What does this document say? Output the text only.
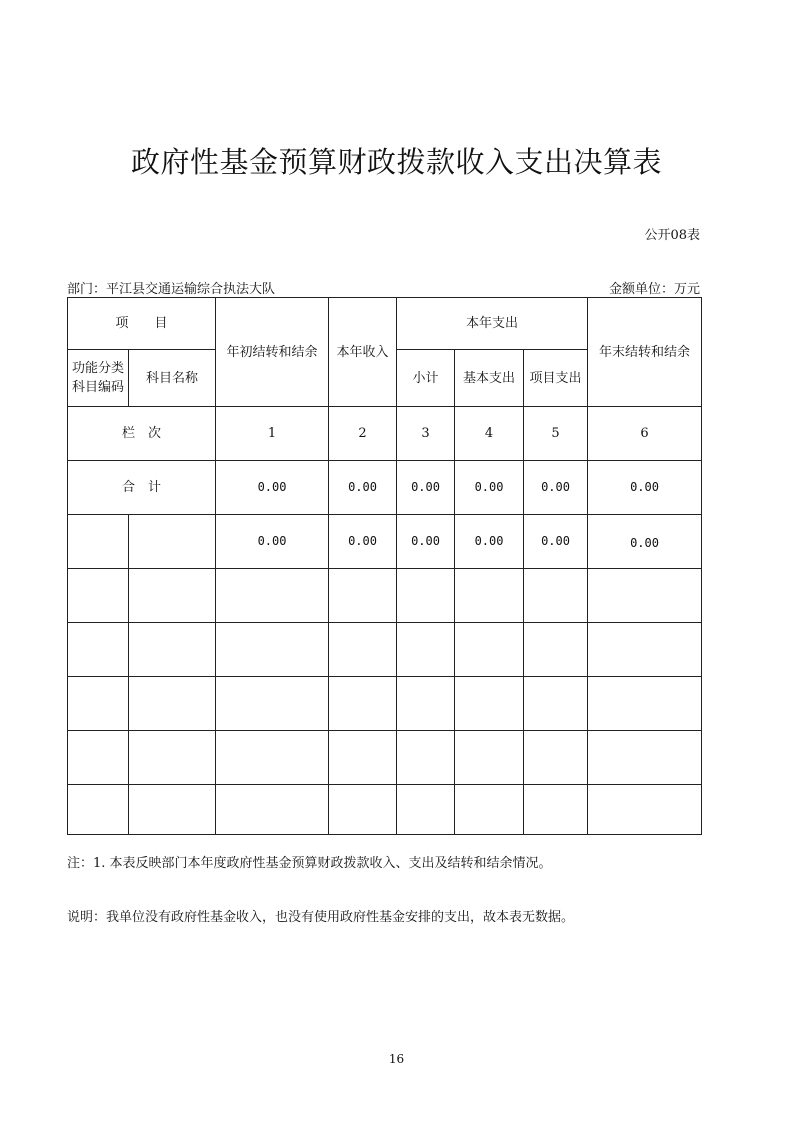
政府性基金预算财政拨款收入支出决算表
公开08表
部门：平江县交通运输综合执法大队	金额单位：万元
项　　目		年初结转和结余	本年收入	本年支出			年末结转和结余
功能分类科目编码	科目名称			小计	基本支出	项目支出	
栏　次		1	2	3	4	5	6
合　计		0.00	0.00	0.00	0.00	0.00	0.00
		0.00	0.00	0.00	0.00	0.00	0.00

注：1. 本表反映部门本年度政府性基金预算财政拨款收入、支出及结转和结余情况。
说明：我单位没有政府性基金收入，也没有使用政府性基金安排的支出，故本表无数据。
16
